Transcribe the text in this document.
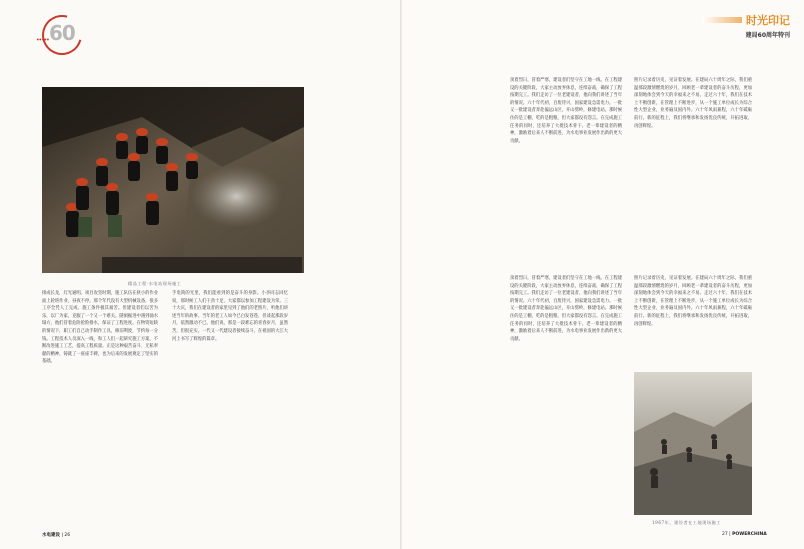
60
•••••
精品工程·水电站现场施工
排成长龙，灯光通明。项目攻坚时期，施工队伍在狭小的作业面上轮班作业，昼夜不停。那个年代没有大型机械设备，很多工序全凭人工完成，施工条件极其艰苦。但建设者们以苦为乐，以厂为家，克服了一个又一个难关。隧洞掘进中遇到涌水塌方，他们冒着危险抢险排水，保证了工程进度。在物资短缺的情况下，职工们自己动手制作工具，修旧利废，节约每一分钱。工程技术人员深入一线，和工人们一起研究施工方案，不断改进施工工艺，提高工程质量。正是这种艰苦奋斗、无私奉献的精神，铸就了一座座丰碑，也为后来的发展奠定了坚实的基础。
手电筒的光里，我们能看到的是奋斗的身影。小李同志回忆说，那时候工人们干劲十足，大家都以参加工程建设为荣。三十大庆，我们在建设者的家里见到了他们的老照片，听他们讲述当年的故事。当年的老工人如今已白发苍苍，但谈起那段岁月，依然激动不已。他们说，那是一段难忘的青春岁月，虽然苦，但很充实。一代又一代建设者接续奋斗，在祖国的大江大河上书写了辉煌的篇章。
水电建设 | 26
时光印记
建局60周年特刊
顶着烈日，冒着严寒，建设者们坚守在工地一线。在工程建设的关键阶段，大家主动放弃休息，连续奋战，确保了工程按期完工。我们走访了一位老建设者，他向我们讲述了当年的情况。六十年代初，百废待兴，国家建设急需电力。一批又一批建设者奔赴偏远山区，开山劈岭，修建电站。那时候住的是工棚，吃的是粗粮，但大家都没有怨言。在完成施工任务的同时，还培养了大批技术骨干。老一辈建设者的精神，激励着后来人不断前进，为水电事业发展作出新的更大贡献。
照片记录着历史，见证着发展。在建局六十周年之际，我们重温那段激情燃烧的岁月，回顾老一辈建设者的奋斗历程，更加深刻地体会到今天的幸福来之不易。走过六十年，我们在技术上不断创新，在管理上不断进步，从一个施工单位成长为综合性大型企业，业务遍及国内外。六十年风雨兼程，六十年砥砺前行。新的征程上，我们将继承和发扬优良传统，开拓进取，再创辉煌。
顶着烈日，冒着严寒，建设者们坚守在工地一线。在工程建设的关键阶段，大家主动放弃休息，连续奋战，确保了工程按期完工。我们走访了一位老建设者，他向我们讲述了当年的情况。六十年代初，百废待兴，国家建设急需电力。一批又一批建设者奔赴偏远山区，开山劈岭，修建电站。那时候住的是工棚，吃的是粗粮，但大家都没有怨言。在完成施工任务的同时，还培养了大批技术骨干。老一辈建设者的精神，激励着后来人不断前进，为水电事业发展作出新的更大贡献。
照片记录着历史，见证着发展。在建局六十周年之际，我们重温那段激情燃烧的岁月，回顾老一辈建设者的奋斗历程，更加深刻地体会到今天的幸福来之不易。走过六十年，我们在技术上不断创新，在管理上不断进步，从一个施工单位成长为综合性大型企业，业务遍及国内外。六十年风雨兼程，六十年砥砺前行。新的征程上，我们将继承和发扬优良传统，开拓进取，再创辉煌。
1967年，建设者在工地现场施工
27 | POWERCHINA
